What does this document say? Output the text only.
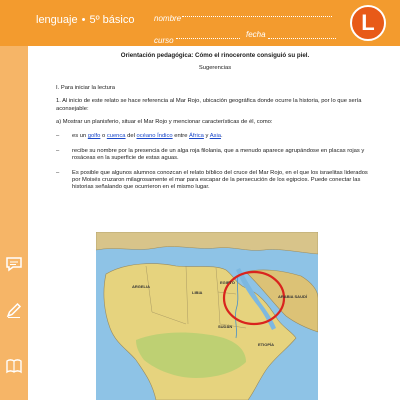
lenguaje • 5º básico nombre
curso
fecha	L
Orientación pedagógica: Cómo el rinoceronte consiguió su piel.
Sugerencias
I. Para iniciar la lectura
1. Al inicio de este relato se hace referencia al Mar Rojo, ubicación geográfica donde ocurre la historia, por lo que sería aconsejable:
a) Mostrar un planisferio, situar el Mar Rojo y mencionar características de él, como:
–	es un golfo o cuenca del océano Índico entre África y Asia.
–	recibe su nombre por la presencia de un alga roja filolania, que a menudo aparece agrupándose en placas rojas y rosáceas en la superficie de estas aguas.
–	Es posible que algunos alumnos conozcan el relato bíblico del cruce del Mar Rojo, en el que los israelitas liderados por Moisés cruzaron milagrosamente el mar para escapar de la persecución de los egipcios. Puede conectar las historias señalando que ocurrieron en el mismo lugar.
ARGELIA
LIBIA
EGIPTO
ARABIA SAUDÍ
SUDÁN
ETIOPÍA
